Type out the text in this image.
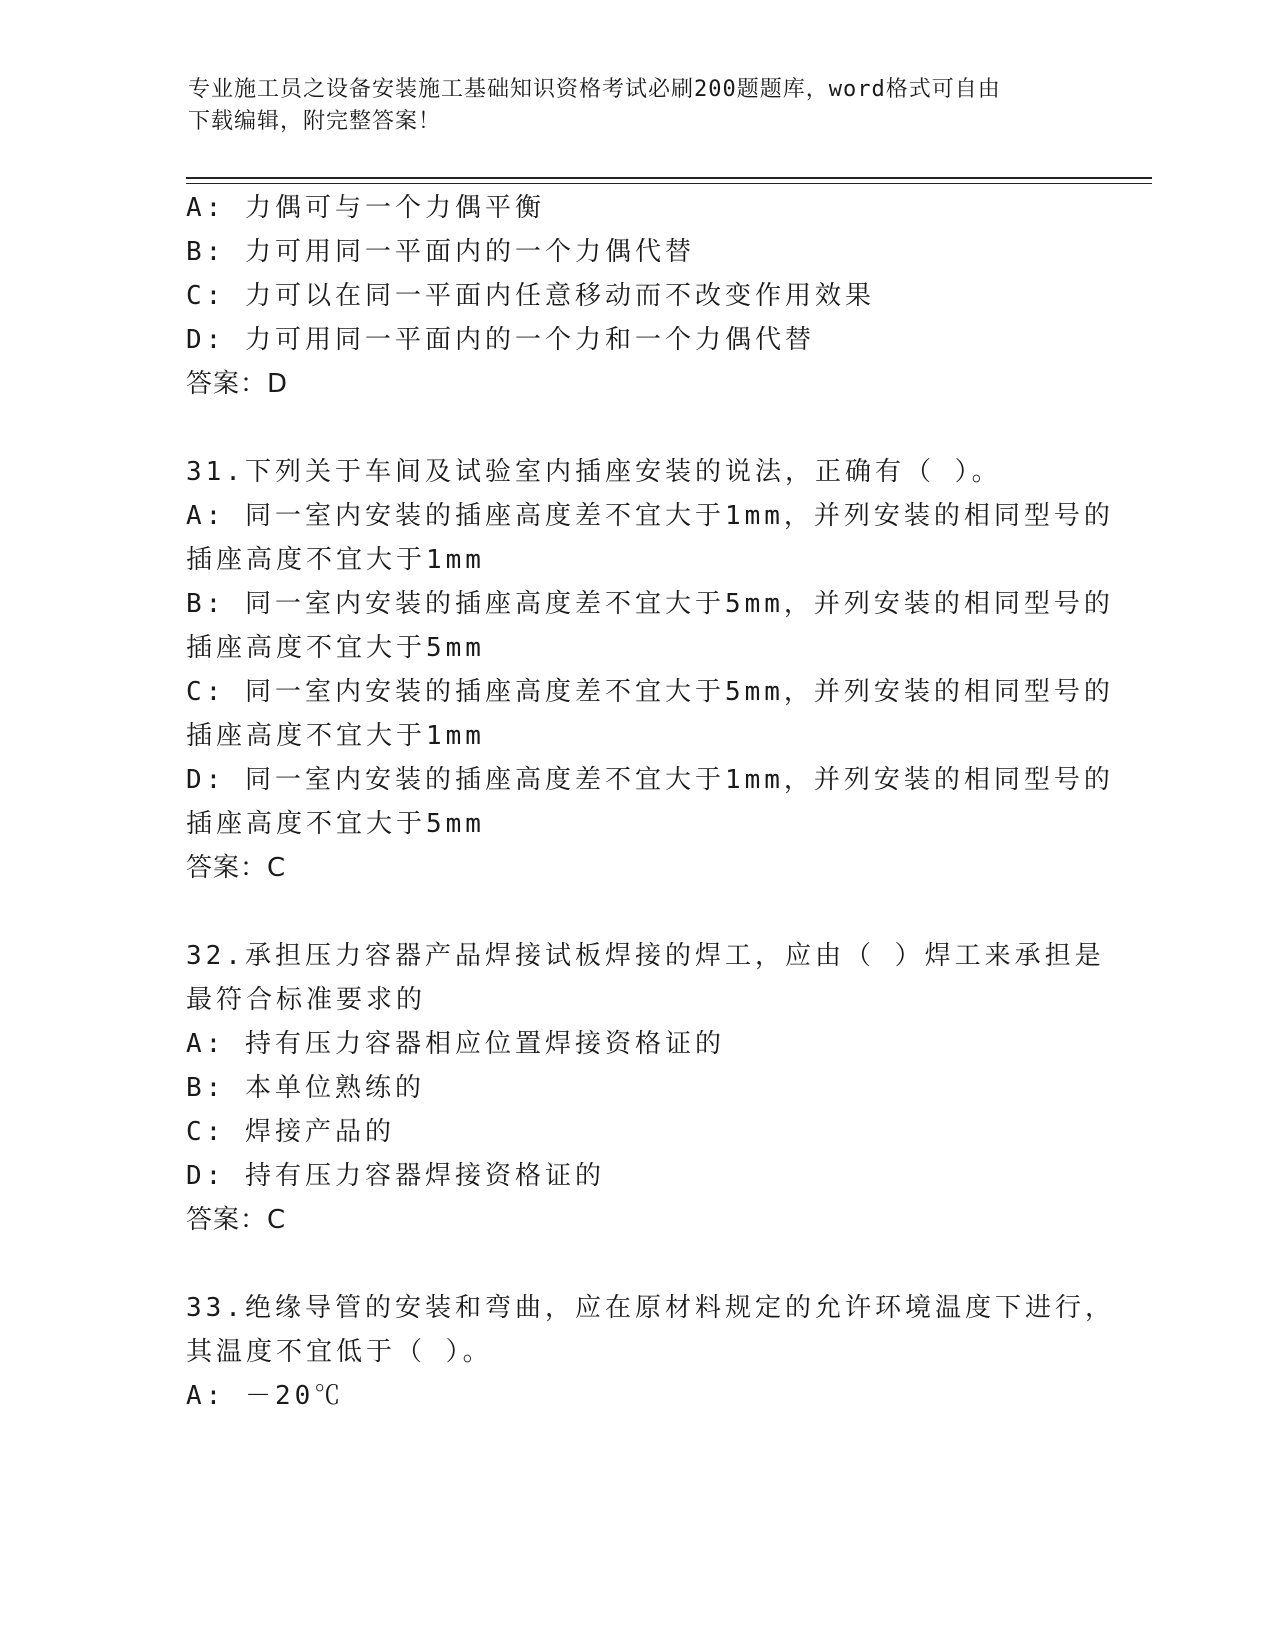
专业施工员之设备安装施工基础知识资格考试必刷200题题库，word格式可自由
下载编辑，附完整答案！
A: 力偶可与一个力偶平衡
B: 力可用同一平面内的一个力偶代替
C: 力可以在同一平面内任意移动而不改变作用效果
D: 力可用同一平面内的一个力和一个力偶代替
答案：D
31.下列关于车间及试验室内插座安装的说法，正确有（ ）。
A: 同一室内安装的插座高度差不宜大于1mm，并列安装的相同型号的
插座高度不宜大于1mm
B: 同一室内安装的插座高度差不宜大于5mm，并列安装的相同型号的
插座高度不宜大于5mm
C: 同一室内安装的插座高度差不宜大于5mm，并列安装的相同型号的
插座高度不宜大于1mm
D: 同一室内安装的插座高度差不宜大于1mm，并列安装的相同型号的
插座高度不宜大于5mm
答案：C
32.承担压力容器产品焊接试板焊接的焊工，应由（ ）焊工来承担是
最符合标准要求的
A: 持有压力容器相应位置焊接资格证的
B: 本单位熟练的
C: 焊接产品的
D: 持有压力容器焊接资格证的
答案：C
33.绝缘导管的安装和弯曲，应在原材料规定的允许环境温度下进行，
其温度不宜低于（ ）。
A: －20℃
